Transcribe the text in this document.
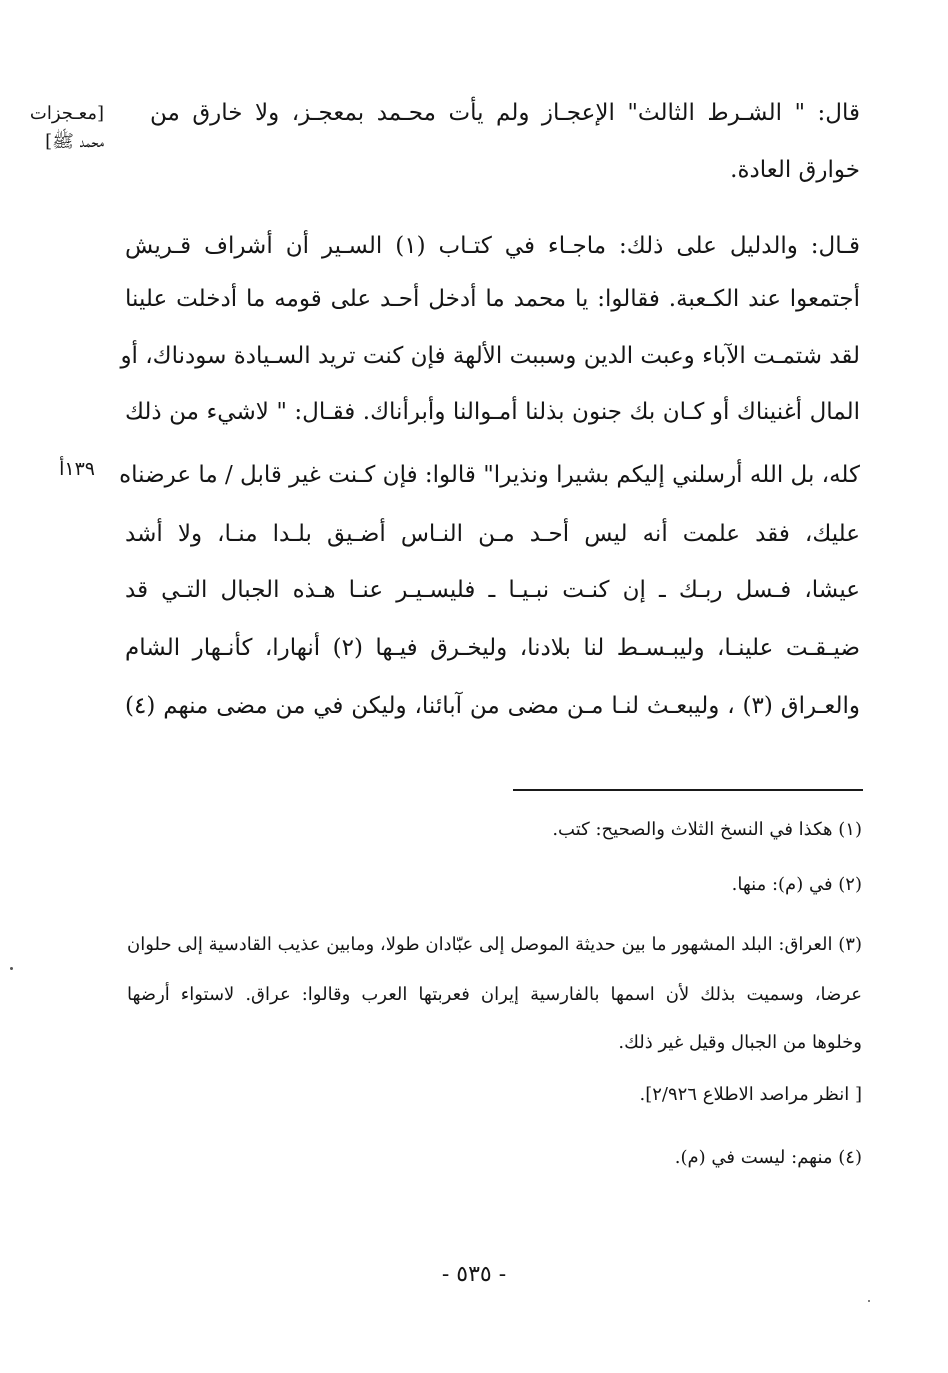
[معـجزات
محمد ﷺ]
١٣٩أ
قال: " الشـرط الثالث" الإعجـاز ولم يأت محـمد بمعجـز، ولا خارق من
خوارق العادة.
قـال: والدليل على ذلك: ماجـاء في كتـاب (١) السـير أن أشراف قـريش
أجتمعوا عند الكـعبة. فقالوا: يا محمد ما أدخل أحـد على قومه ما أدخلت علينا
لقد شتمـت الآباء وعبت الدين وسببت الألهة فإن كنت تريد السـيادة سودناك، أو
المال أغنيناك أو كـان بك جنون بذلنا أمـوالنا وأبرأناك. فقـال: " لاشيء من ذلك
كله، بل الله أرسلني إليكم بشيرا ونذيرا" قالوا: فإن كـنت غير قابل / ما عرضناه
عليك، فقد علمت أنه ليس أحـد مـن النـاس أضـيق بلـدا منـا، ولا أشد
عيشا، فـسل ربـك ـ إن كنـت نبـيـا ـ فليسـيـر عنـا هـذه الجبال التـي قد
ضيـقـت علينـا، وليبـسـط لنا بلادنا، وليخـرق فيـها (٢) أنهارا، كأنـهار الشام
والعـراق (٣) ، وليبعـث لنـا مـن مضى من آبائنا، وليكن في من مضى منهم (٤)
(١) هكذا في النسخ الثلاث والصحيح: كتب.
(٢) في (م): منها.
(٣) العراق: البلد المشهور ما بين حديثة الموصل إلى عبّادان طولا، ومابين عذيب القادسية إلى حلوان
عرضا، وسميت بذلك لأن اسمها بالفارسية إيران فعربتها العرب وقالوا: عراق. لاستواء أرضها
وخلوها من الجبال وقيل غير ذلك.
[ انظر مراصد الاطلاع ٢/٩٢٦].
(٤) منهم: ليست في (م).
- ٥٣٥ -
